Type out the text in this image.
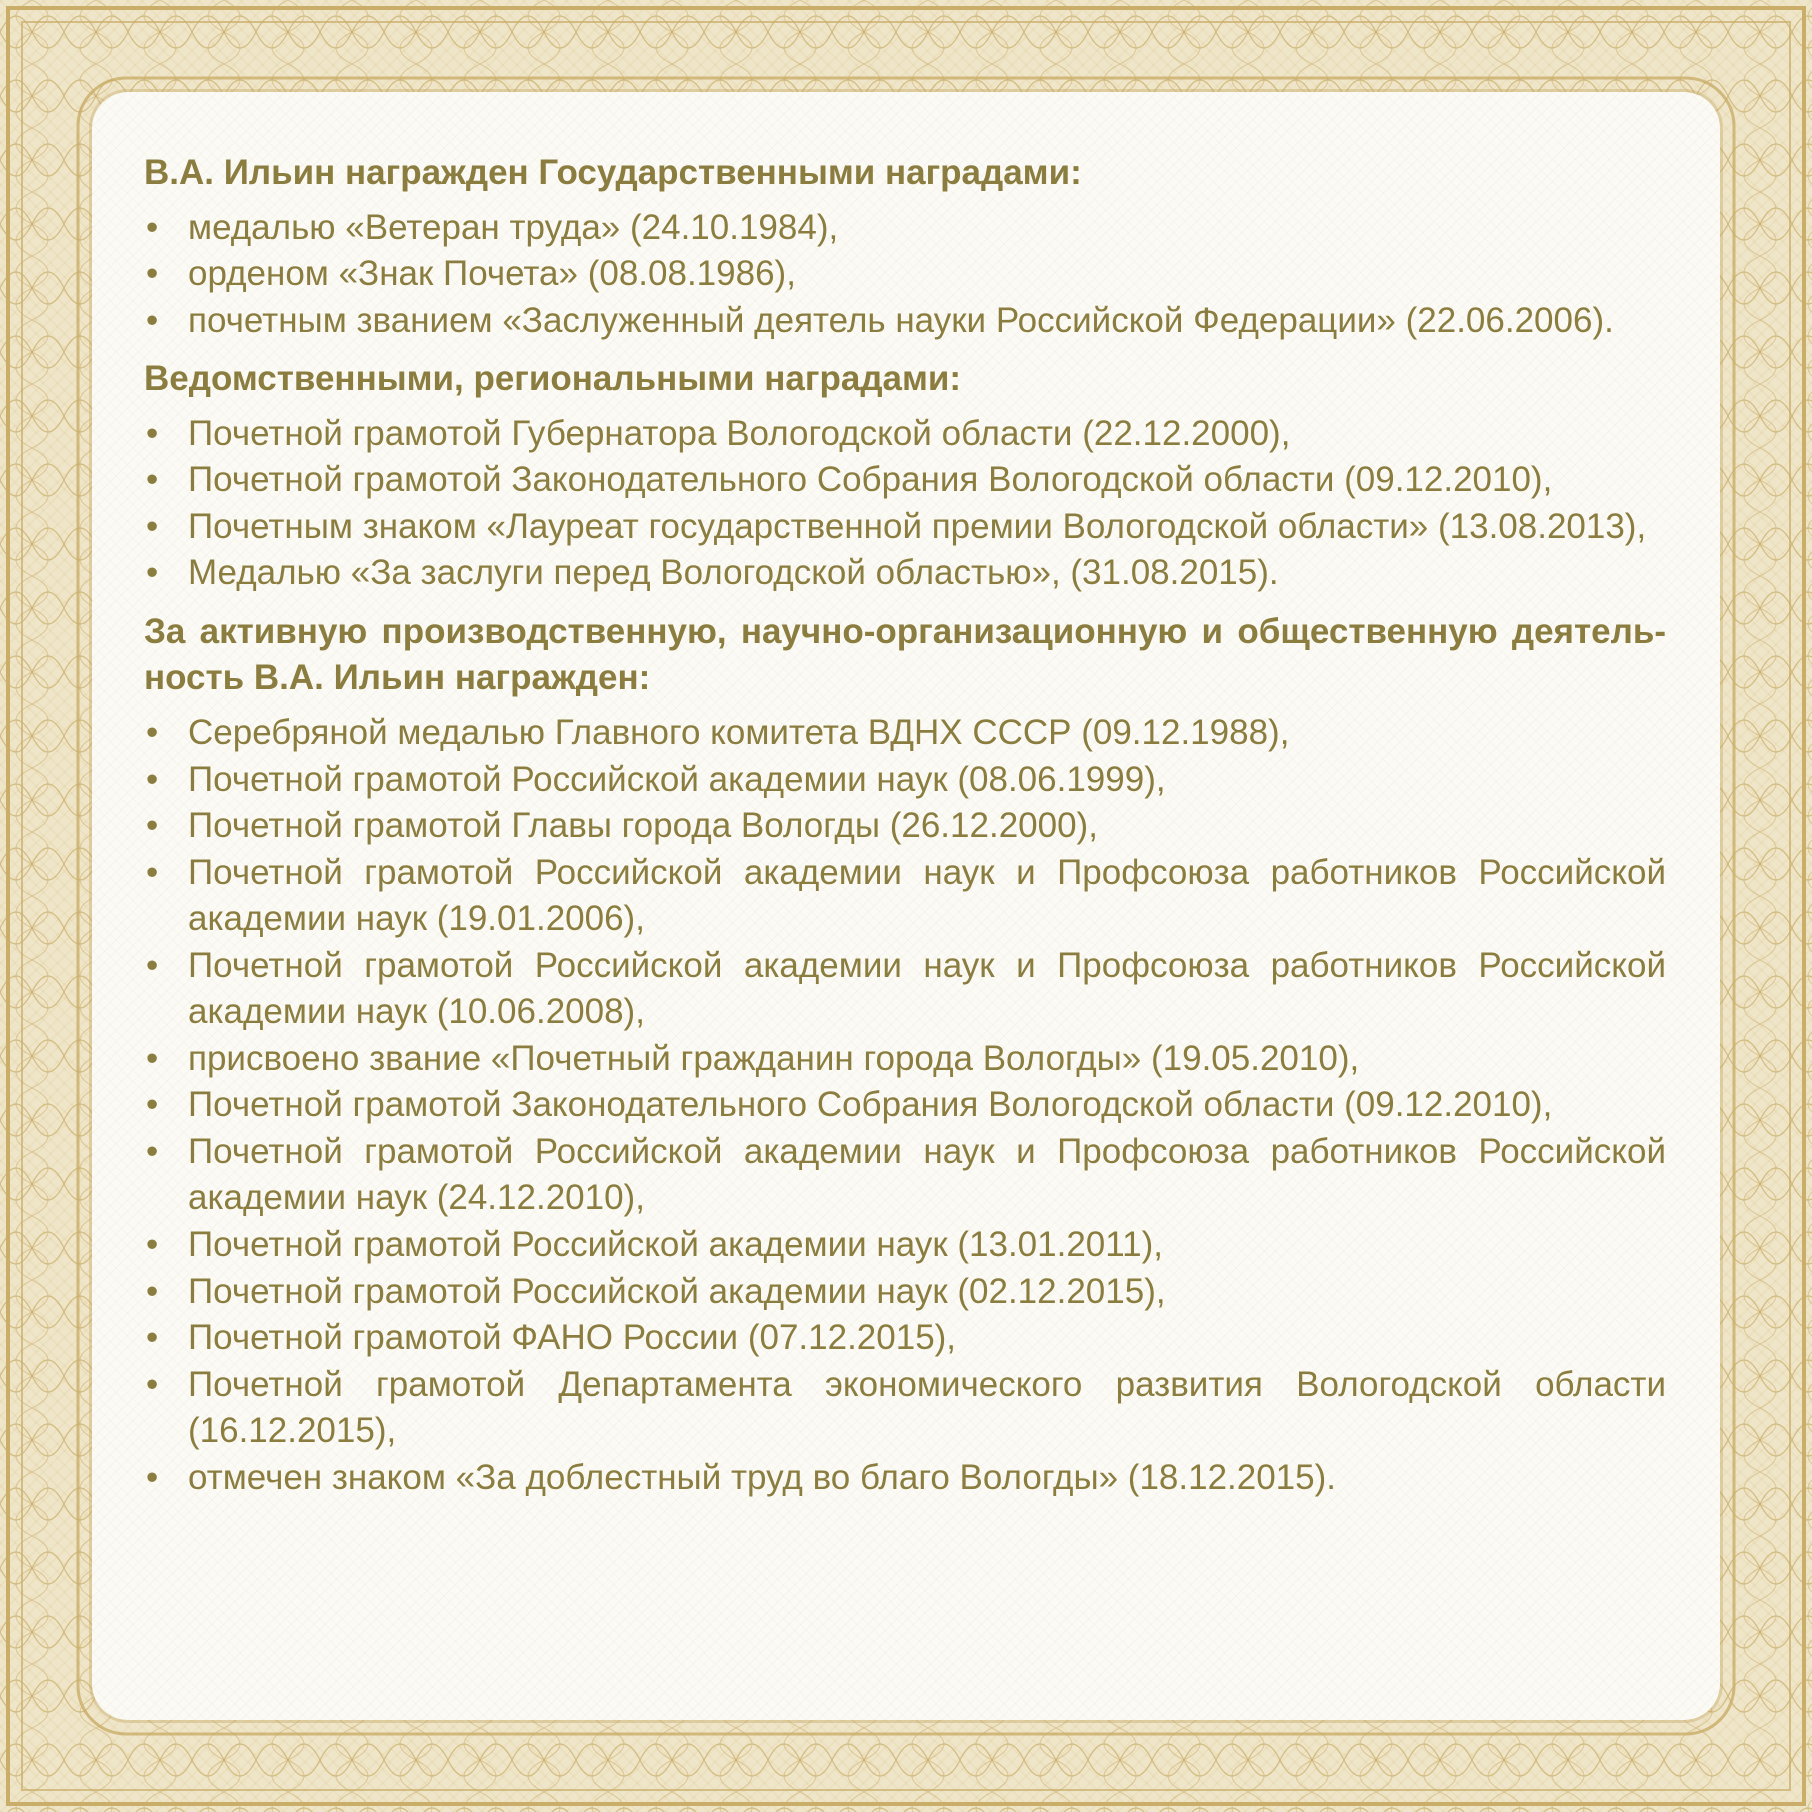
В.А. Ильин награжден Государственными наградами:
• медалью «Ветеран труда» (24.10.1984),
• орденом «Знак Почета» (08.08.1986),
• почетным званием «Заслуженный деятель науки Российской Федерации» (22.06.2006).
Ведомственными, региональными наградами:
• Почетной грамотой Губернатора Вологодской области (22.12.2000),
• Почетной грамотой Законодательного Собрания Вологодской области (09.12.2010),
• Почетным знаком «Лауреат государственной премии Вологодской области» (13.08.2013),
• Медалью «За заслуги перед Вологодской областью», (31.08.2015).
За активную производственную, научно-организационную и общественную деятель-ность В.А. Ильин награжден:
• Серебряной медалью Главного комитета ВДНХ СССР (09.12.1988),
• Почетной грамотой Российской академии наук (08.06.1999),
• Почетной грамотой Главы города Вологды (26.12.2000),
• Почетной грамотой Российской академии наук и Профсоюза работников Российской академии наук (19.01.2006),
• Почетной грамотой Российской академии наук и Профсоюза работников Российской академии наук (10.06.2008),
• присвоено звание «Почетный гражданин города Вологды» (19.05.2010),
• Почетной грамотой Законодательного Собрания Вологодской области (09.12.2010),
• Почетной грамотой Российской академии наук и Профсоюза работников Российской академии наук (24.12.2010),
• Почетной грамотой Российской академии наук (13.01.2011),
• Почетной грамотой Российской академии наук (02.12.2015),
• Почетной грамотой ФАНО России (07.12.2015),
• Почетной грамотой Департамента экономического развития Вологодской области (16.12.2015),
• отмечен знаком «За доблестный труд во благо Вологды» (18.12.2015).
